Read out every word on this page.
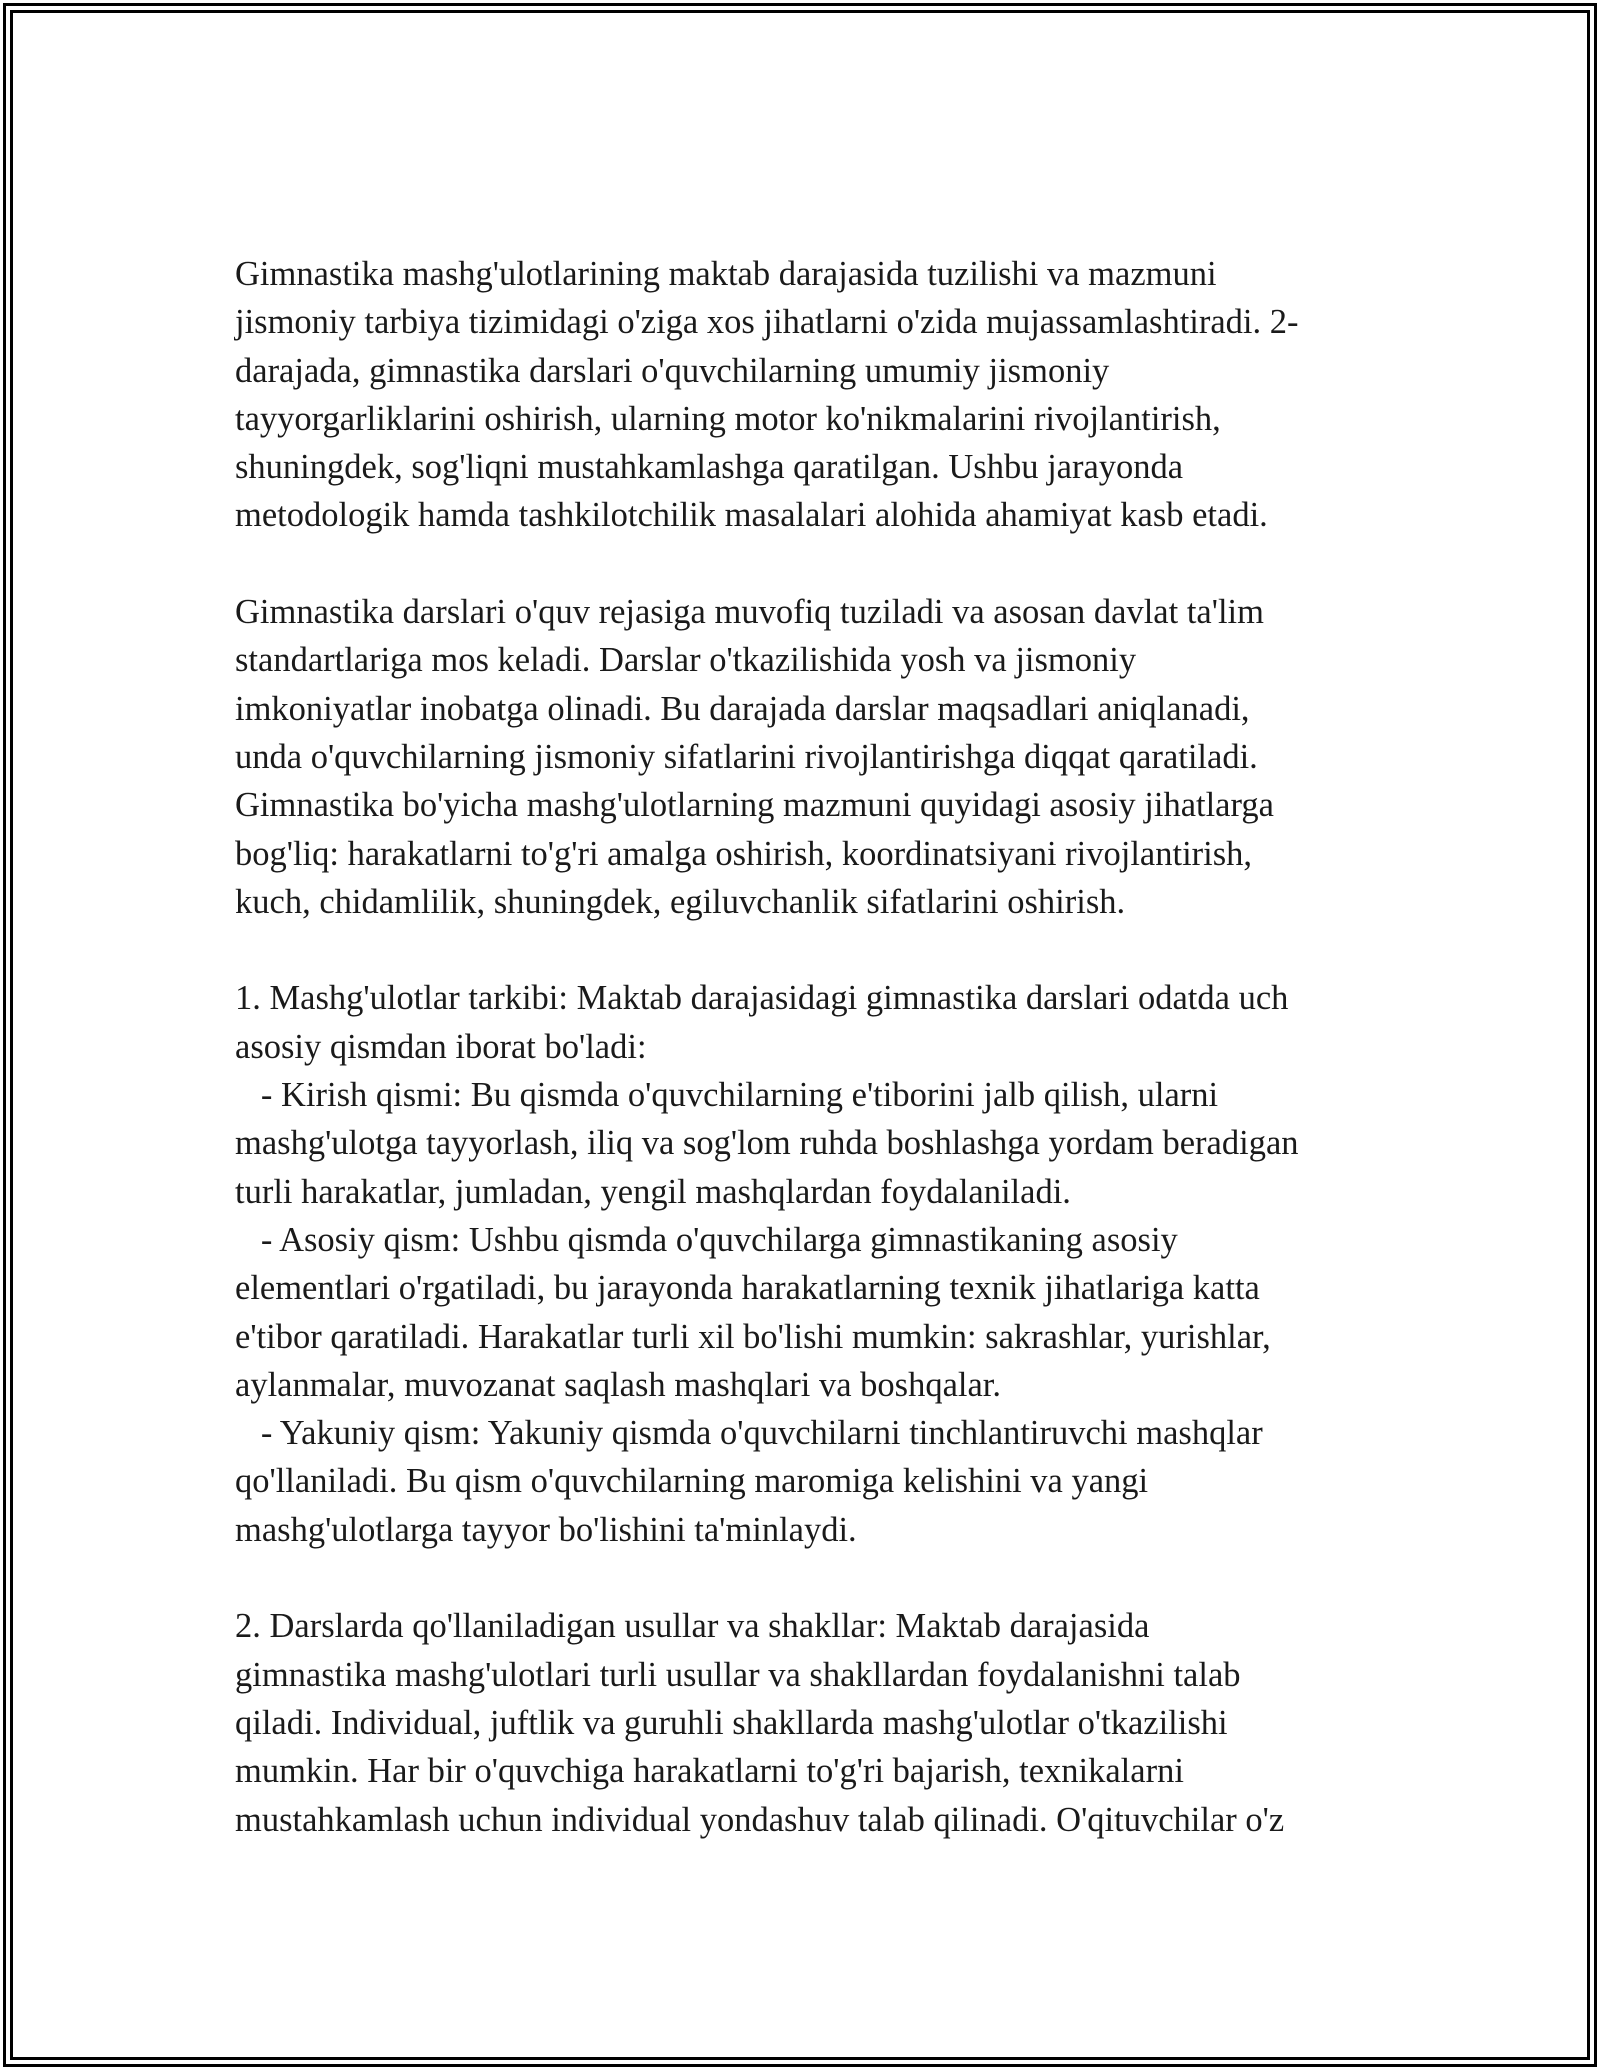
Gimnastika mashg'ulotlarining maktab darajasida tuzilishi va mazmuni
jismoniy tarbiya tizimidagi o'ziga xos jihatlarni o'zida mujassamlashtiradi. 2-
darajada, gimnastika darslari o'quvchilarning umumiy jismoniy
tayyorgarliklarini oshirish, ularning motor ko'nikmalarini rivojlantirish,
shuningdek, sog'liqni mustahkamlashga qaratilgan. Ushbu jarayonda
metodologik hamda tashkilotchilik masalalari alohida ahamiyat kasb etadi.
Gimnastika darslari o'quv rejasiga muvofiq tuziladi va asosan davlat ta'lim
standartlariga mos keladi. Darslar o'tkazilishida yosh va jismoniy
imkoniyatlar inobatga olinadi. Bu darajada darslar maqsadlari aniqlanadi,
unda o'quvchilarning jismoniy sifatlarini rivojlantirishga diqqat qaratiladi.
Gimnastika bo'yicha mashg'ulotlarning mazmuni quyidagi asosiy jihatlarga
bog'liq: harakatlarni to'g'ri amalga oshirish, koordinatsiyani rivojlantirish,
kuch, chidamlilik, shuningdek, egiluvchanlik sifatlarini oshirish.
1. Mashg'ulotlar tarkibi: Maktab darajasidagi gimnastika darslari odatda uch
asosiy qismdan iborat bo'ladi:
- Kirish qismi: Bu qismda o'quvchilarning e'tiborini jalb qilish, ularni
mashg'ulotga tayyorlash, iliq va sog'lom ruhda boshlashga yordam beradigan
turli harakatlar, jumladan, yengil mashqlardan foydalaniladi.
- Asosiy qism: Ushbu qismda o'quvchilarga gimnastikaning asosiy
elementlari o'rgatiladi, bu jarayonda harakatlarning texnik jihatlariga katta
e'tibor qaratiladi. Harakatlar turli xil bo'lishi mumkin: sakrashlar, yurishlar,
aylanmalar, muvozanat saqlash mashqlari va boshqalar.
- Yakuniy qism: Yakuniy qismda o'quvchilarni tinchlantiruvchi mashqlar
qo'llaniladi. Bu qism o'quvchilarning maromiga kelishini va yangi
mashg'ulotlarga tayyor bo'lishini ta'minlaydi.
2. Darslarda qo'llaniladigan usullar va shakllar: Maktab darajasida
gimnastika mashg'ulotlari turli usullar va shakllardan foydalanishni talab
qiladi. Individual, juftlik va guruhli shakllarda mashg'ulotlar o'tkazilishi
mumkin. Har bir o'quvchiga harakatlarni to'g'ri bajarish, texnikalarni
mustahkamlash uchun individual yondashuv talab qilinadi. O'qituvchilar o'z
